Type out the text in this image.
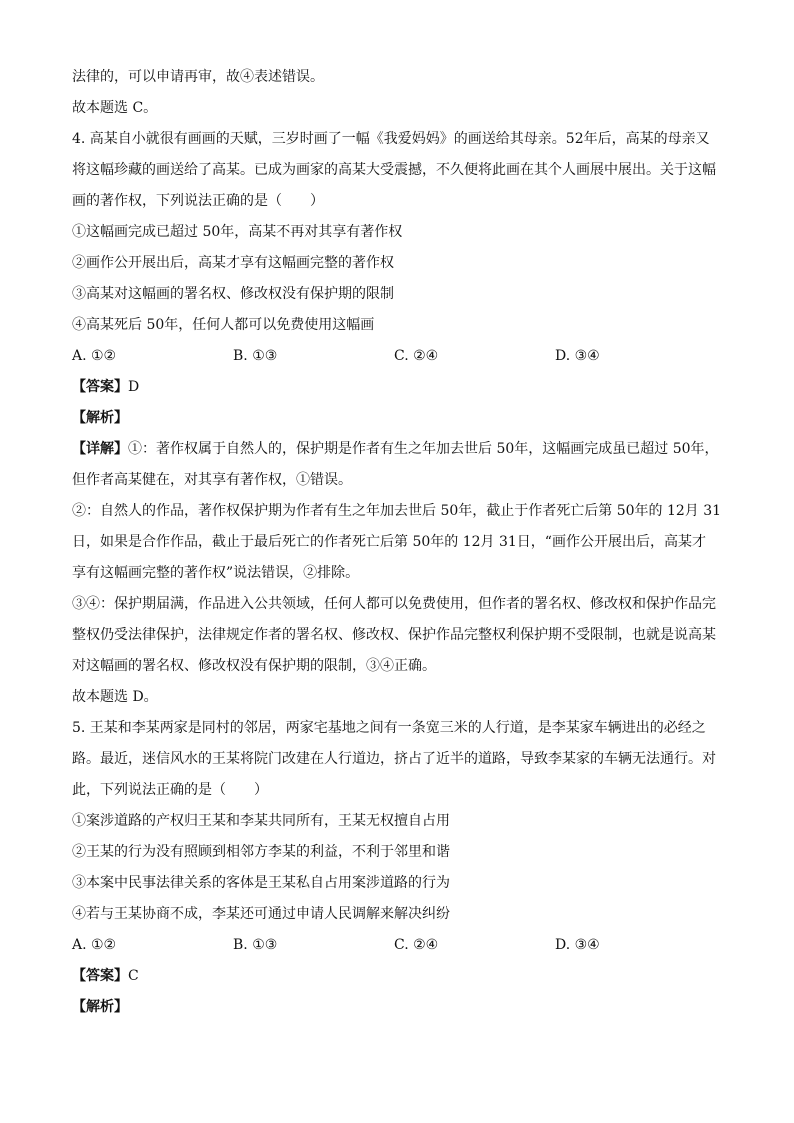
法律的，可以申请再审，故④表述错误。
故本题选 C。
4. 高某自小就很有画画的天赋，三岁时画了一幅《我爱妈妈》的画送给其母亲。52年后，高某的母亲又
将这幅珍藏的画送给了高某。已成为画家的高某大受震撼，不久便将此画在其个人画展中展出。关于这幅
画的著作权，下列说法正确的是（　　）
①这幅画完成已超过 50年，高某不再对其享有著作权
②画作公开展出后，高某才享有这幅画完整的著作权
③高某对这幅画的署名权、修改权没有保护期的限制
④高某死后 50年，任何人都可以免费使用这幅画
A. ①②	B. ①③	C. ②④	D. ③④
【答案】D
【解析】
【详解】①：著作权属于自然人的，保护期是作者有生之年加去世后 50年，这幅画完成虽已超过 50年，
但作者高某健在，对其享有著作权，①错误。
②：自然人的作品，著作权保护期为作者有生之年加去世后 50年，截止于作者死亡后第 50年的 12月 31
日，如果是合作作品，截止于最后死亡的作者死亡后第 50年的 12月 31日，“画作公开展出后，高某才
享有这幅画完整的著作权”说法错误，②排除。
③④：保护期届满，作品进入公共领域，任何人都可以免费使用，但作者的署名权、修改权和保护作品完
整权仍受法律保护，法律规定作者的署名权、修改权、保护作品完整权利保护期不受限制，也就是说高某
对这幅画的署名权、修改权没有保护期的限制，③④正确。
故本题选 D。
5. 王某和李某两家是同村的邻居，两家宅基地之间有一条宽三米的人行道，是李某家车辆进出的必经之
路。最近，迷信风水的王某将院门改建在人行道边，挤占了近半的道路，导致李某家的车辆无法通行。对
此，下列说法正确的是（　　）
①案涉道路的产权归王某和李某共同所有，王某无权擅自占用
②王某的行为没有照顾到相邻方李某的利益，不利于邻里和谐
③本案中民事法律关系的客体是王某私自占用案涉道路的行为
④若与王某协商不成，李某还可通过申请人民调解来解决纠纷
A. ①②	B. ①③	C. ②④	D. ③④
【答案】C
【解析】
